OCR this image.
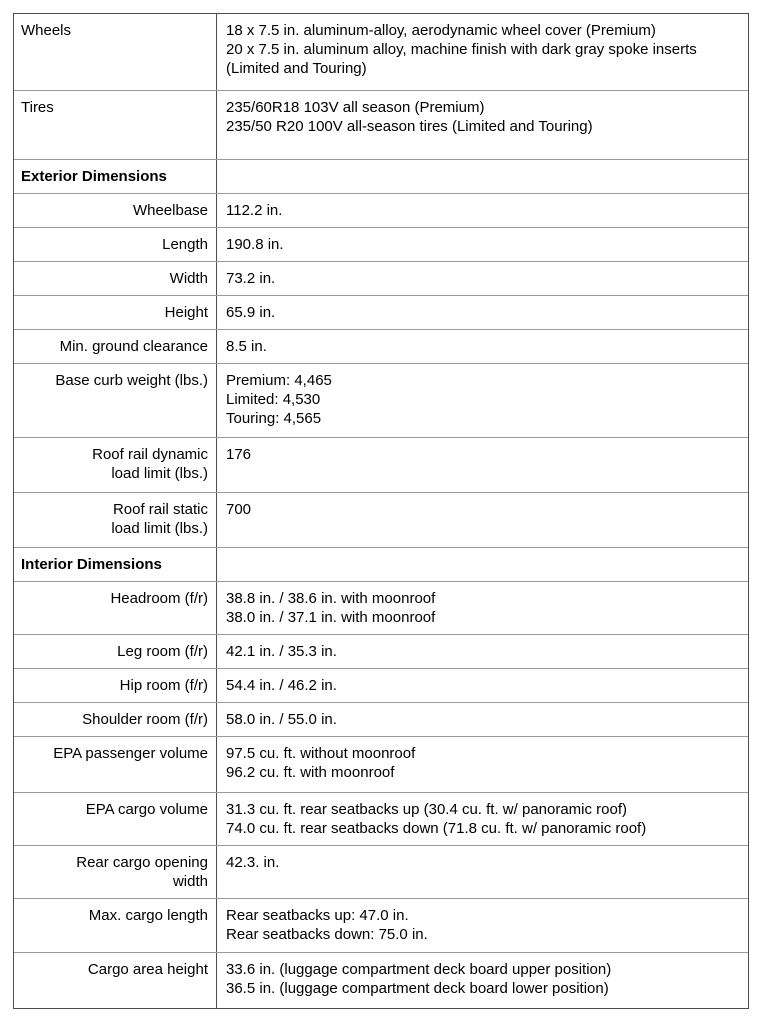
Wheels	18 x 7.5 in. aluminum-alloy, aerodynamic wheel cover (Premium)
20 x 7.5 in. aluminum alloy, machine finish with dark gray spoke inserts (Limited and Touring)
Tires	235/60R18 103V all season (Premium)
235/50 R20 100V all-season tires (Limited and Touring)
Exterior Dimensions
Wheelbase 112.2 in.
Length 190.8 in.
Width 73.2 in.
Height 65.9 in.
Min. ground clearance 8.5 in.
Base curb weight (lbs.) Premium: 4,465
Limited: 4,530
Touring: 4,565
Roof rail dynamic
load limit (lbs.)
176
Roof rail static
load limit (lbs.)
700
Interior Dimensions
Headroom (f/r) 38.8 in. / 38.6 in. with moonroof
38.0 in. / 37.1 in. with moonroof
Leg room (f/r) 42.1 in. / 35.3 in.
Hip room (f/r) 54.4 in. / 46.2 in.
Shoulder room (f/r) 58.0 in. / 55.0 in.
EPA passenger volume 97.5 cu. ft. without moonroof
96.2 cu. ft. with moonroof
EPA cargo volume 31.3 cu. ft. rear seatbacks up (30.4 cu. ft. w/ panoramic roof)
74.0 cu. ft. rear seatbacks down (71.8 cu. ft. w/ panoramic roof)
Rear cargo opening
width
42.3. in.
Max. cargo length Rear seatbacks up: 47.0 in.
Rear seatbacks down: 75.0 in.
Cargo area height 33.6 in. (luggage compartment deck board upper position)
36.5 in. (luggage compartment deck board lower position)
